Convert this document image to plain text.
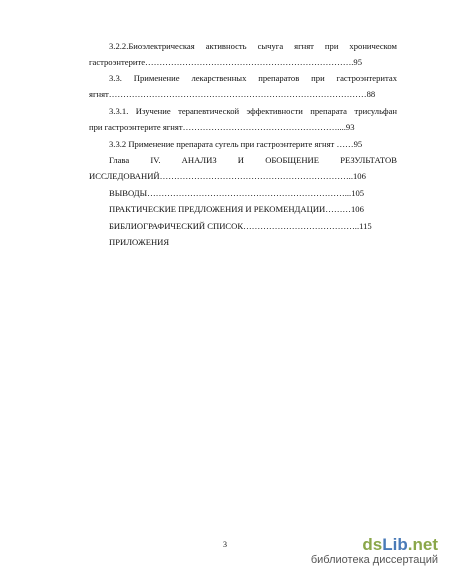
3.2.2.Биоэлектрическая активность сычуга ягнят при хроническом
гастроэнтерите……………………………………………………………….95
3.3. Применение лекарственных препаратов при гастроэнтеритах
ягнят………………………………………………………………………………88
3.3.1. Изучение терапевтической эффективности препарата трисульфан
при гастроэнтерите ягнят………………………………………………....93
3.3.2 Применение препарата сугель при гастроэнтерите ягнят ……95
Глава IV. АНАЛИЗ И ОБОБЩЕНИЕ РЕЗУЛЬТАТОВ
ИССЛЕДОВАНИЙ…………………………………………………………..106
ВЫВОДЫ……………………………………………………………...105
ПРАКТИЧЕСКИЕ ПРЕДЛОЖЕНИЯ И РЕКОМЕНДАЦИИ………106
БИБЛИОГРАФИЧЕСКИЙ СПИСОК…………………………………..115
ПРИЛОЖЕНИЯ
3	dsLib.net
библиотека диссертаций
